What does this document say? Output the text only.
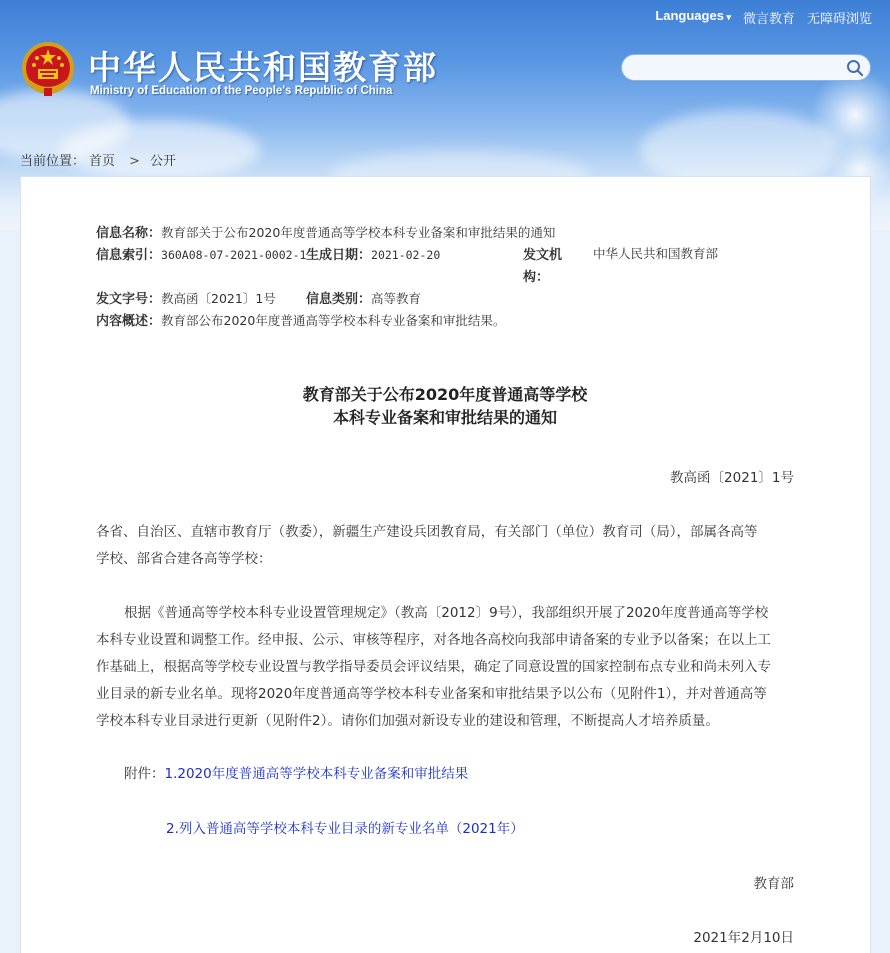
中华人民共和国教育部
Ministry of Education of the People's Republic of China
Languages ▾	微言教育 无障碍浏览
当前位置： 首页 > 公开
信息名称：教育部关于公布2020年度普通高等学校本科专业备案和审批结果的通知
信息索引：360A08-07-2021-0002-1 生成日期：2021-02-20	发文机
构：
中华人民共和国教育部
发文字号：教高函〔2021〕1号 信息类别：高等教育
内容概述：教育部公布2020年度普通高等学校本科专业备案和审批结果。
教育部关于公布2020年度普通高等学校
本科专业备案和审批结果的通知
教高函〔2021〕1号
各省、自治区、直辖市教育厅（教委），新疆生产建设兵团教育局，有关部门（单位）教育司（局），部属各高等
学校、部省合建各高等学校：
根据《普通高等学校本科专业设置管理规定》（教高〔2012〕9号），我部组织开展了2020年度普通高等学校
本科专业设置和调整工作。经申报、公示、审核等程序，对各地各高校向我部申请备案的专业予以备案；在以上工
作基础上，根据高等学校专业设置与教学指导委员会评议结果，确定了同意设置的国家控制布点专业和尚未列入专
业目录的新专业名单。现将2020年度普通高等学校本科专业备案和审批结果予以公布（见附件1），并对普通高等
学校本科专业目录进行更新（见附件2）。请你们加强对新设专业的建设和管理，不断提高人才培养质量。
附件：1.2020年度普通高等学校本科专业备案和审批结果
2.列入普通高等学校本科专业目录的新专业名单（2021年）
教育部
2021年2月10日
